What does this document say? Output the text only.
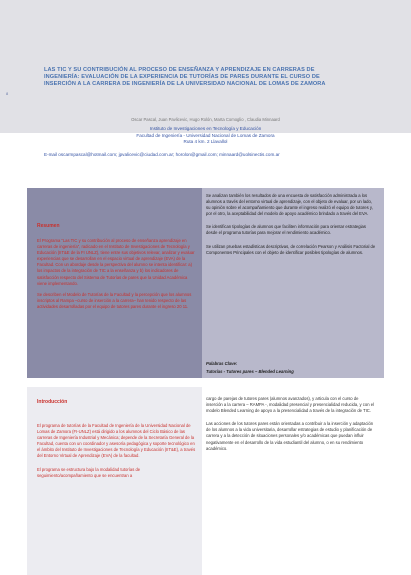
8
LAS TIC Y SU CONTRIBUCIÓN AL PROCESO DE ENSEÑANZA Y APRENDIZAJE EN CARRERAS DE INGENIERÍA: EVALUACIÓN DE LA EXPERIENCIA DE TUTORÍAS DE PARES DURANTE EL CURSO DE INSERCIÓN A LA CARRERA DE INGENIERÍA DE LA UNIVERSIDAD NACIONAL DE LOMAS DE ZAMORA
Oscar Pascal, Juan Pavlicevic, Hugo Rolón, Marta Comoglio , Claudia Minnaard
Instituto de Investigaciones en Tecnología y Educación
Facultad de Ingeniería - Universidad Nacional de Lomas de Zamora
Ruta 4 km. 2 Llavallol
E-mail oscarmpascal@hotmail.com; jpvalicevic@ciudad.com.ar; horolon@gmail.com; minnaard@uolsinectis.com.ar
Resumen

El Programa “Las TIC y su contribución al proceso de enseñanza aprendizaje en carreras de ingeniería”, radicado en el Instituto de Investigaciones de Tecnología y Educación (IIT&E de la FI UNLZ), tiene entre sus objetivos relevar, analizar y evaluar experiencias que se desarrollan en el espacio virtual de aprendizaje (EVA) de la Facultad. Con un abordaje desde la perspectiva del alumno se intenta identificar: a) los impactos de la integración de TIC a la enseñanza y b) los indicadores de satisfacción respecto del Sistema de Tutorías de pares que la Unidad Académica viene implementando.

Se describen el Modelo de Tutorías de la Facultad y la percepción que los alumnos inscriptos al Rampa –curso de inserción a la carrera– han tenido respecto de las actividades desarrolladas por el equipo de tutores pares durante el ingreso 20 11.

Se analizan también los resultados de una encuesta de satisfacción administrada a los alumnos a través del entorno virtual de aprendizaje, con el objeto de evaluar, por un lado, su opinión sobre el acompañamiento que durante el ingreso realizó el equipo de tutores y, por el otro, la aceptabilidad del modelo de apoyo académico brindado a través del EVA.

Se identifican tipologías de alumnos que faciliten información para orientar estrategias desde el programa tutorías para mejorar el rendimiento académico.

Se utilizan pruebas estadísticas descriptivas, de correlación Pearson y Análisis Factorial de Componentes Principales con el objeto de identificar posibles tipologías de alumnos.

Palabras Clave:
Tutorías - Tutores pares – Blended Learning
Introducción

El programa de tutorías de la Facultad de Ingeniería de la Universidad Nacional de Lomas de Zamora (FI-UNLZ) está dirigido a los alumnos del Ciclo Básico de las carreras de Ingeniería Industrial y Mecánica; depende de la Secretaría General de la Facultad, cuenta con un coordinador y asesoría pedagógica y soporte tecnológico en el ámbito del Instituto de Investigaciones de Tecnología y Educación (IIT&E), a través del Entorno Virtual de Aprendizaje (EVA) de la facultad.

El programa se estructura bajo la modalidad tutorías de seguimiento/acompañamiento que se encuentran a

cargo de parejas de tutores pares (alumnos avanzados), y articula con el curso de inserción a la carrera – RAMPA -, modalidad presencial y presencialidad reducida, y con el modelo Blended Learning de apoyo a la presencialidad a través de la integración de TIC.

Las acciones de los tutores pares están orientadas a contribuir a la inserción y adaptación de los alumnos a la vida universitaria, desarrollar estrategias de estudio y planificación de carrera y a la detección de situaciones personales y/o académicas que puedan influir negativamente en el desarrollo de la vida estudiantil del alumno, o en su rendimiento académico.
